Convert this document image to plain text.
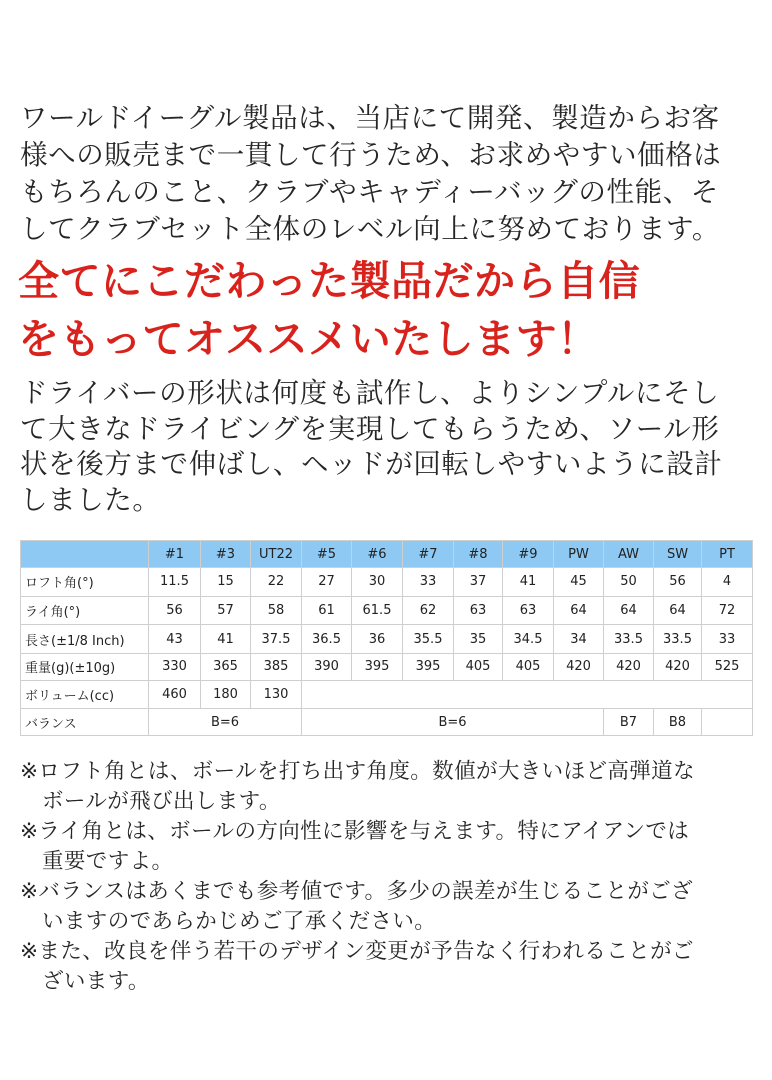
ワールドイーグル製品は、当店にて開発、製造からお客

様への販売まで一貫して行うため、お求めやすい価格は

もちろんのこと、クラブやキャディーバッグの性能、そ

してクラブセット全体のレベル向上に努めております。

全てにこだわった製品だから自信

をもってオススメいたします！

ドライバーの形状は何度も試作し、よりシンプルにそし

て大きなドライビングを実現してもらうため、ソール形

状を後方まで伸ばし、ヘッドが回転しやすいように設計

しました。

	#1	#3	UT22	#5	#6	#7	#8	#9	PW	AW	SW	PT
ロフト角(°)	11.5	15	22	27	30	33	37	41	45	50	56	4
ライ角(°)	56	57	58	61	61.5	62	63	63	64	64	64	72
長さ(±1/8 Inch)	43	41	37.5	36.5	36	35.5	35	34.5	34	33.5	33.5	33
重量(g)(±10g)	330	365	385	390	395	395	405	405	420	420	420	525
ボリューム(cc)	460	180	130									
バランス	B=6			B=6						B7	B8	
※ロフト角とは、ボールを打ち出す角度。数値が大きいほど高弾道な
ボールが飛び出します。
※ライ角とは、ボールの方向性に影響を与えます。特にアイアンでは
重要ですよ。
※バランスはあくまでも参考値です。多少の誤差が生じることがござ
いますのであらかじめご了承ください。
※また、改良を伴う若干のデザイン変更が予告なく行われることがご
ざいます。
